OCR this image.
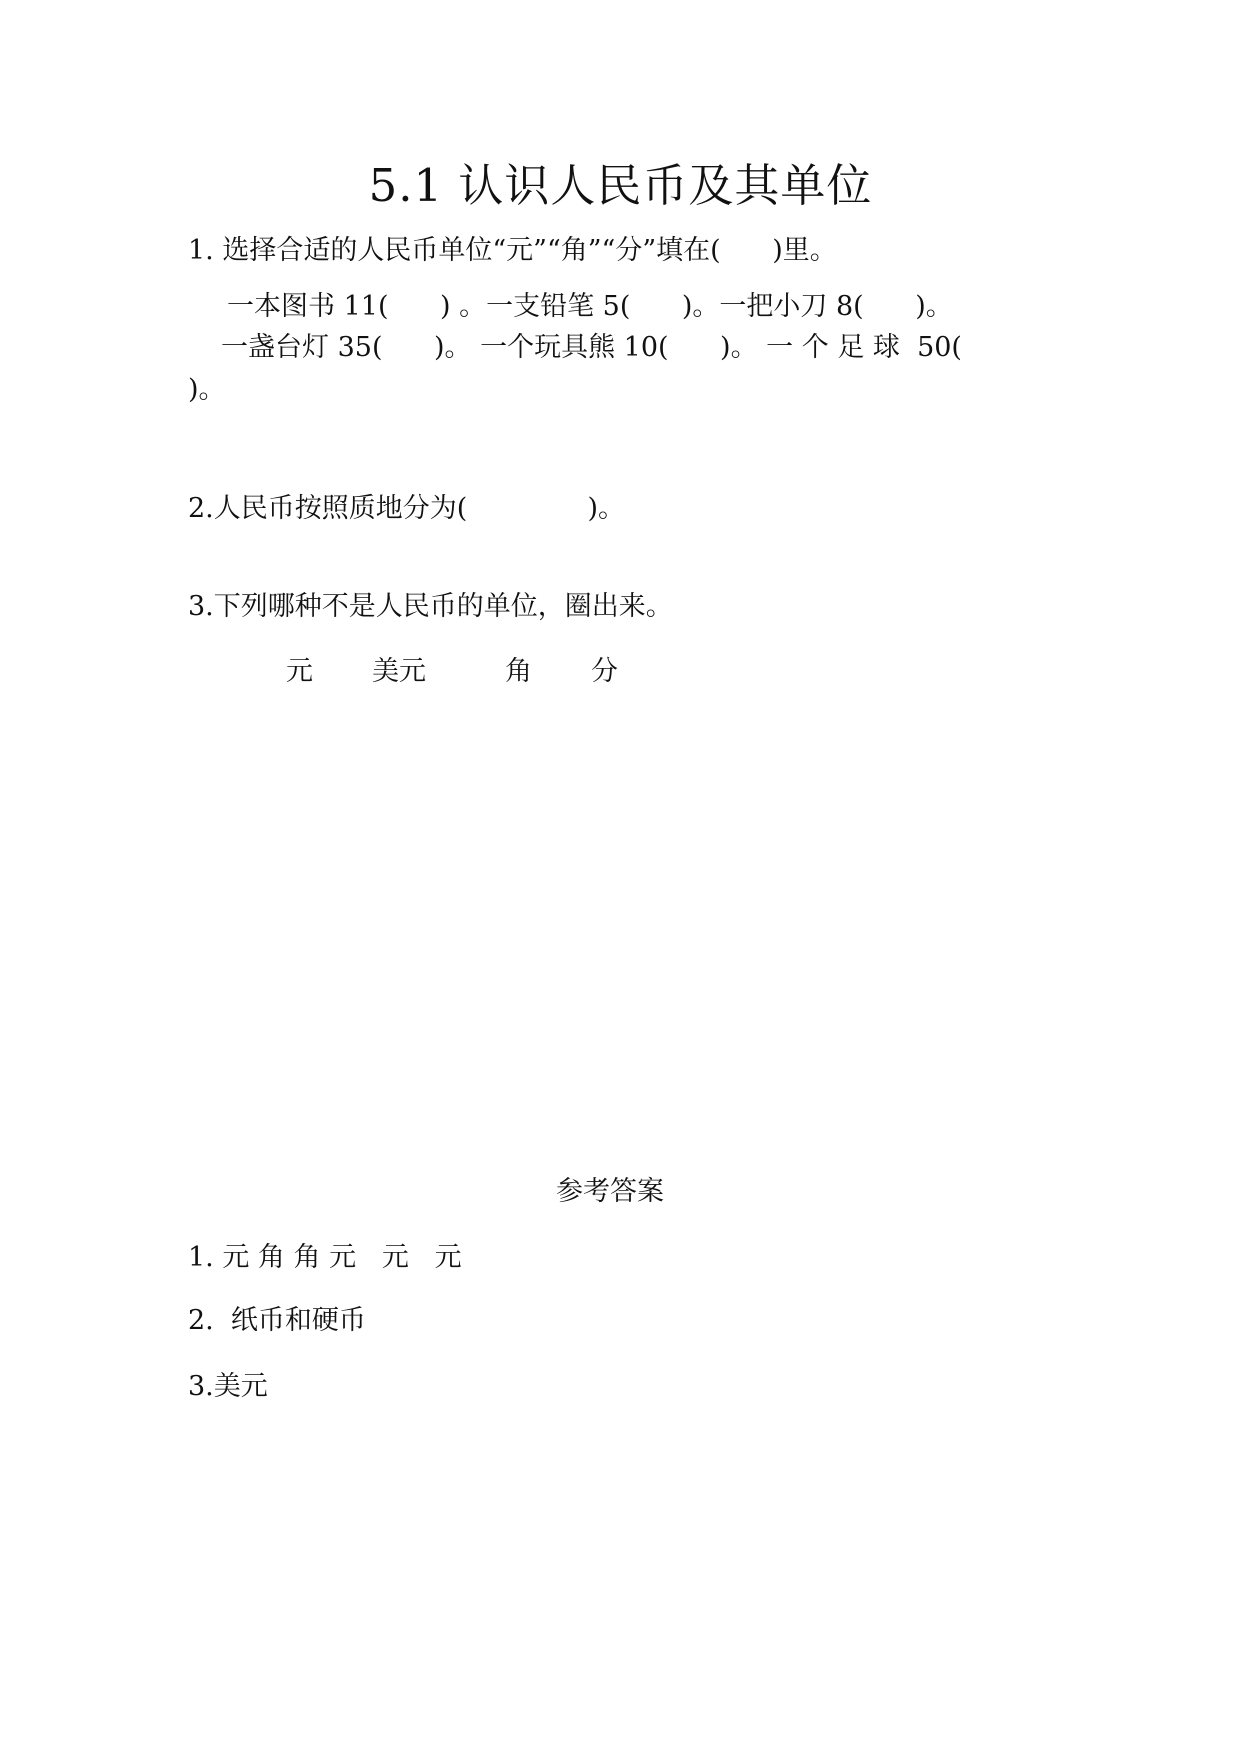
5.1 认识人民币及其单位
1. 选择合适的人民币单位“元”“角”“分”填在(      )里。
一本图书 11(      ) 。一支铅笔 5(      )。一把小刀 8(      )。
一盏台灯 35(      )。 一个玩具熊 10(      )。 一 个 足 球  50(
)。
2.人民币按照质地分为(              )。
3.下列哪种不是人民币的单位，圈出来。
元 美元	角 分
参考答案
1. 元 角 角 元   元   元
2.  纸币和硬币
3.美元
